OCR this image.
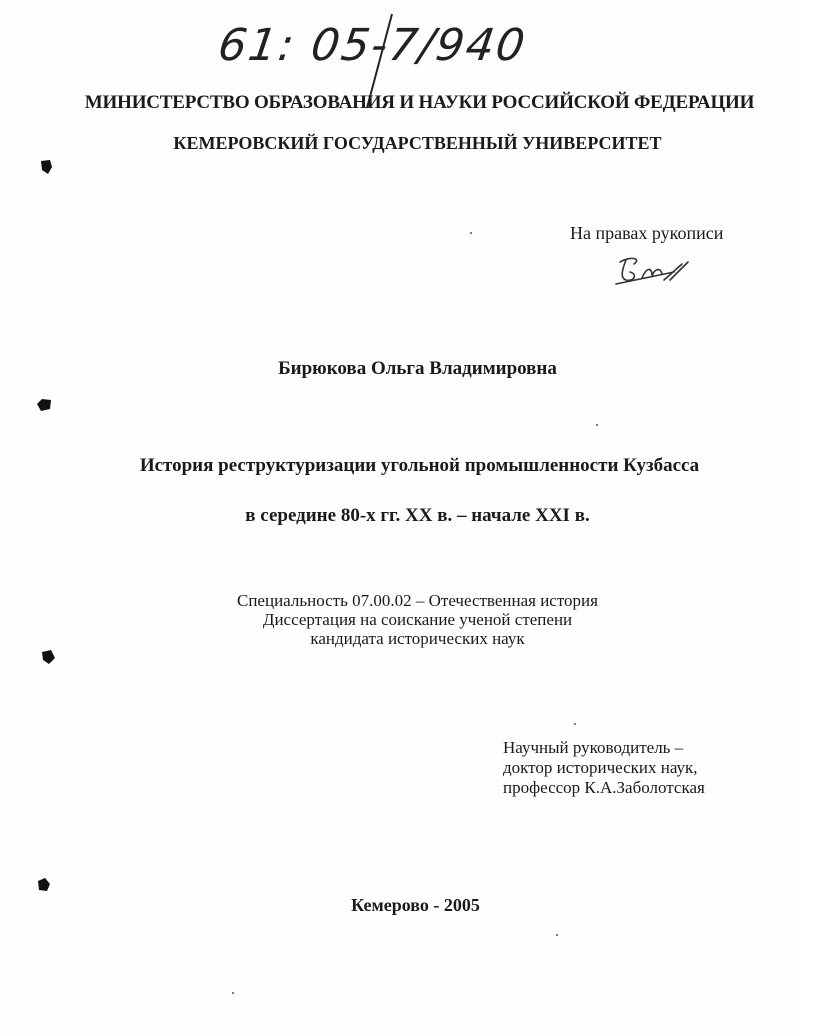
61: 05-7/940
МИНИСТЕРСТВО ОБРАЗОВАНИЯ И НАУКИ РОССИЙСКОЙ ФЕДЕРАЦИИ
КЕМЕРОВСКИЙ ГОСУДАРСТВЕННЫЙ УНИВЕРСИТЕТ
На правах рукописи
Бирюкова Ольга Владимировна
История реструктуризации угольной промышленности Кузбасса
в середине 80-х гг. XX в. – начале XXI в.
Специальность 07.00.02 – Отечественная история
Диссертация на соискание ученой степени
кандидата исторических наук
Научный руководитель –
доктор исторических наук,
профессор К.А.Заболотская
Кемерово - 2005
